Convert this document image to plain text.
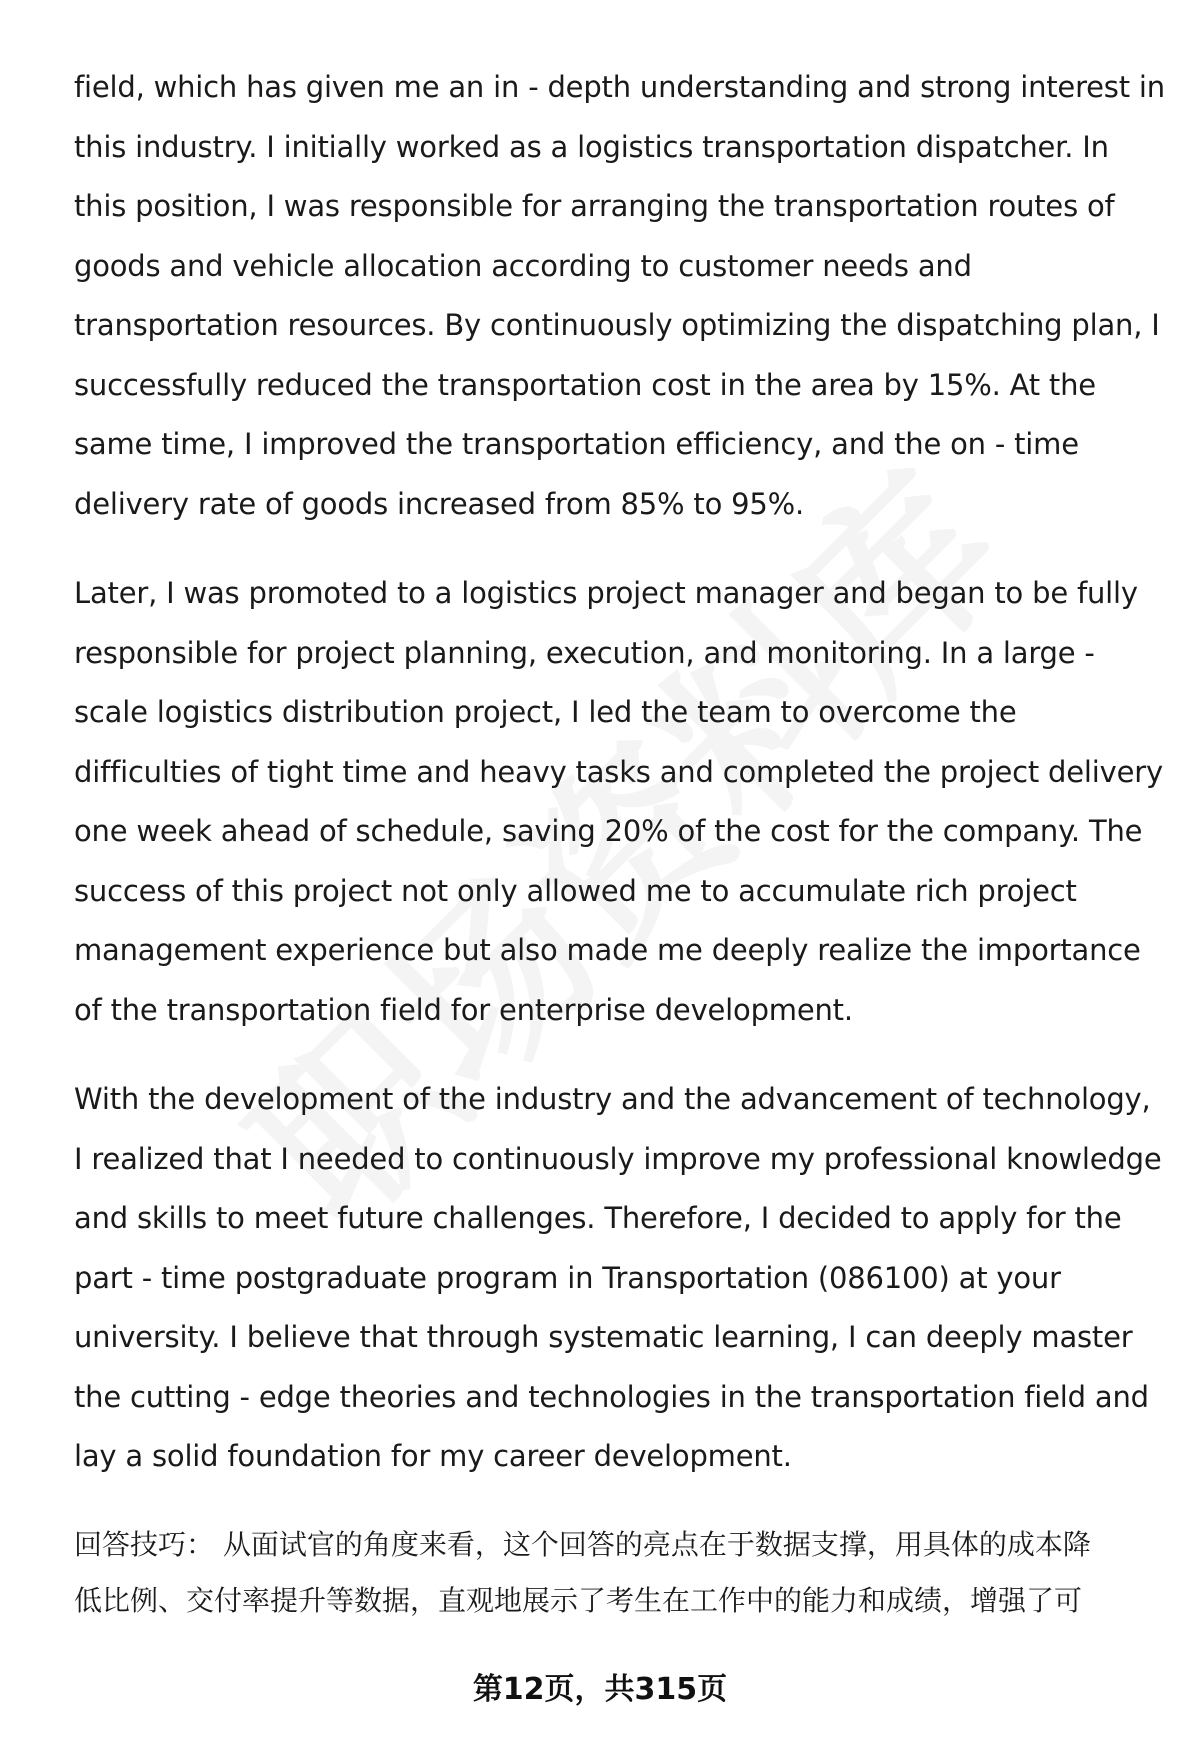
field, which has given me an in - depth understanding and strong interest in
this industry. I initially worked as a logistics transportation dispatcher. In
this position, I was responsible for arranging the transportation routes of
goods and vehicle allocation according to customer needs and
transportation resources. By continuously optimizing the dispatching plan, I
successfully reduced the transportation cost in the area by 15%. At the
same time, I improved the transportation efficiency, and the on - time
delivery rate of goods increased from 85% to 95%.

Later, I was promoted to a logistics project manager and began to be fully
responsible for project planning, execution, and monitoring. In a large -
scale logistics distribution project, I led the team to overcome the
difficulties of tight time and heavy tasks and completed the project delivery
one week ahead of schedule, saving 20% of the cost for the company. The
success of this project not only allowed me to accumulate rich project
management experience but also made me deeply realize the importance
of the transportation field for enterprise development.

With the development of the industry and the advancement of technology,
I realized that I needed to continuously improve my professional knowledge
and skills to meet future challenges. Therefore, I decided to apply for the
part - time postgraduate program in Transportation (086100) at your
university. I believe that through systematic learning, I can deeply master
the cutting - edge theories and technologies in the transportation field and
lay a solid foundation for my career development.

回答技巧： 从面试官的角度来看，这个回答的亮点在于数据支撑，用具体的成本降
低比例、交付率提升等数据，直观地展示了考生在工作中的能力和成绩，增强了可

第12页，共315页
